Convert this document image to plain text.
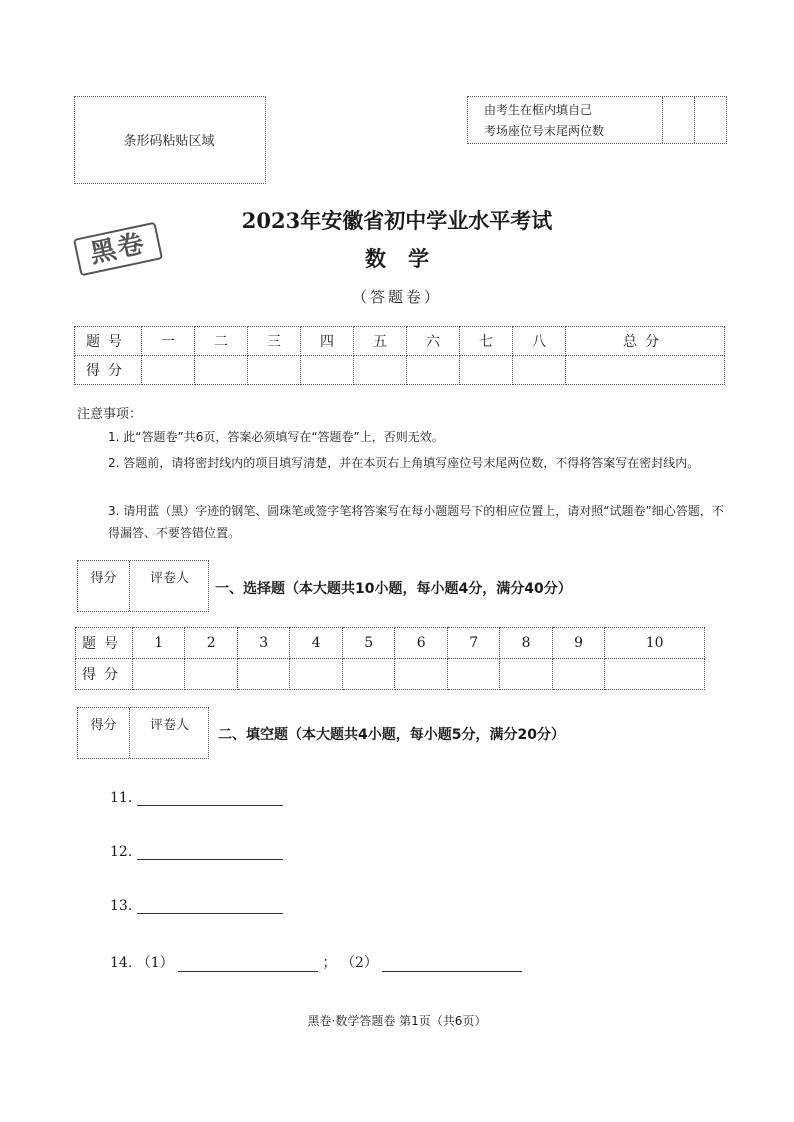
条形码粘贴区域
由考生在框内填自己
考场座位号末尾两位数
黑卷
2023年安徽省初中学业水平考试
数学
（答题卷）
题号	一	二	三	四	五	六	七	八	总分
得分									
注意事项：
1. 此“答题卷”共6页，答案必须填写在“答题卷”上，否则无效。
2. 答题前，请将密封线内的项目填写清楚，并在本页右上角填写座位号末尾两位数，不得将答案写在密封线内。
3. 请用蓝（黑）字迹的钢笔、圆珠笔或签字笔将答案写在每小题题号下的相应位置上，请对照“试题卷”细心答题，不得漏答、不要答错位置。
得分	评卷人
一、选择题（本大题共10小题，每小题4分，满分40分）
题号	1	2	3	4	5	6	7	8	9	10
得分										
得分	评卷人
二、填空题（本大题共4小题，每小题5分，满分20分）
11.
12.
13.
14. （1）	； （2）
黑卷·数学答题卷 第1页（共6页）
